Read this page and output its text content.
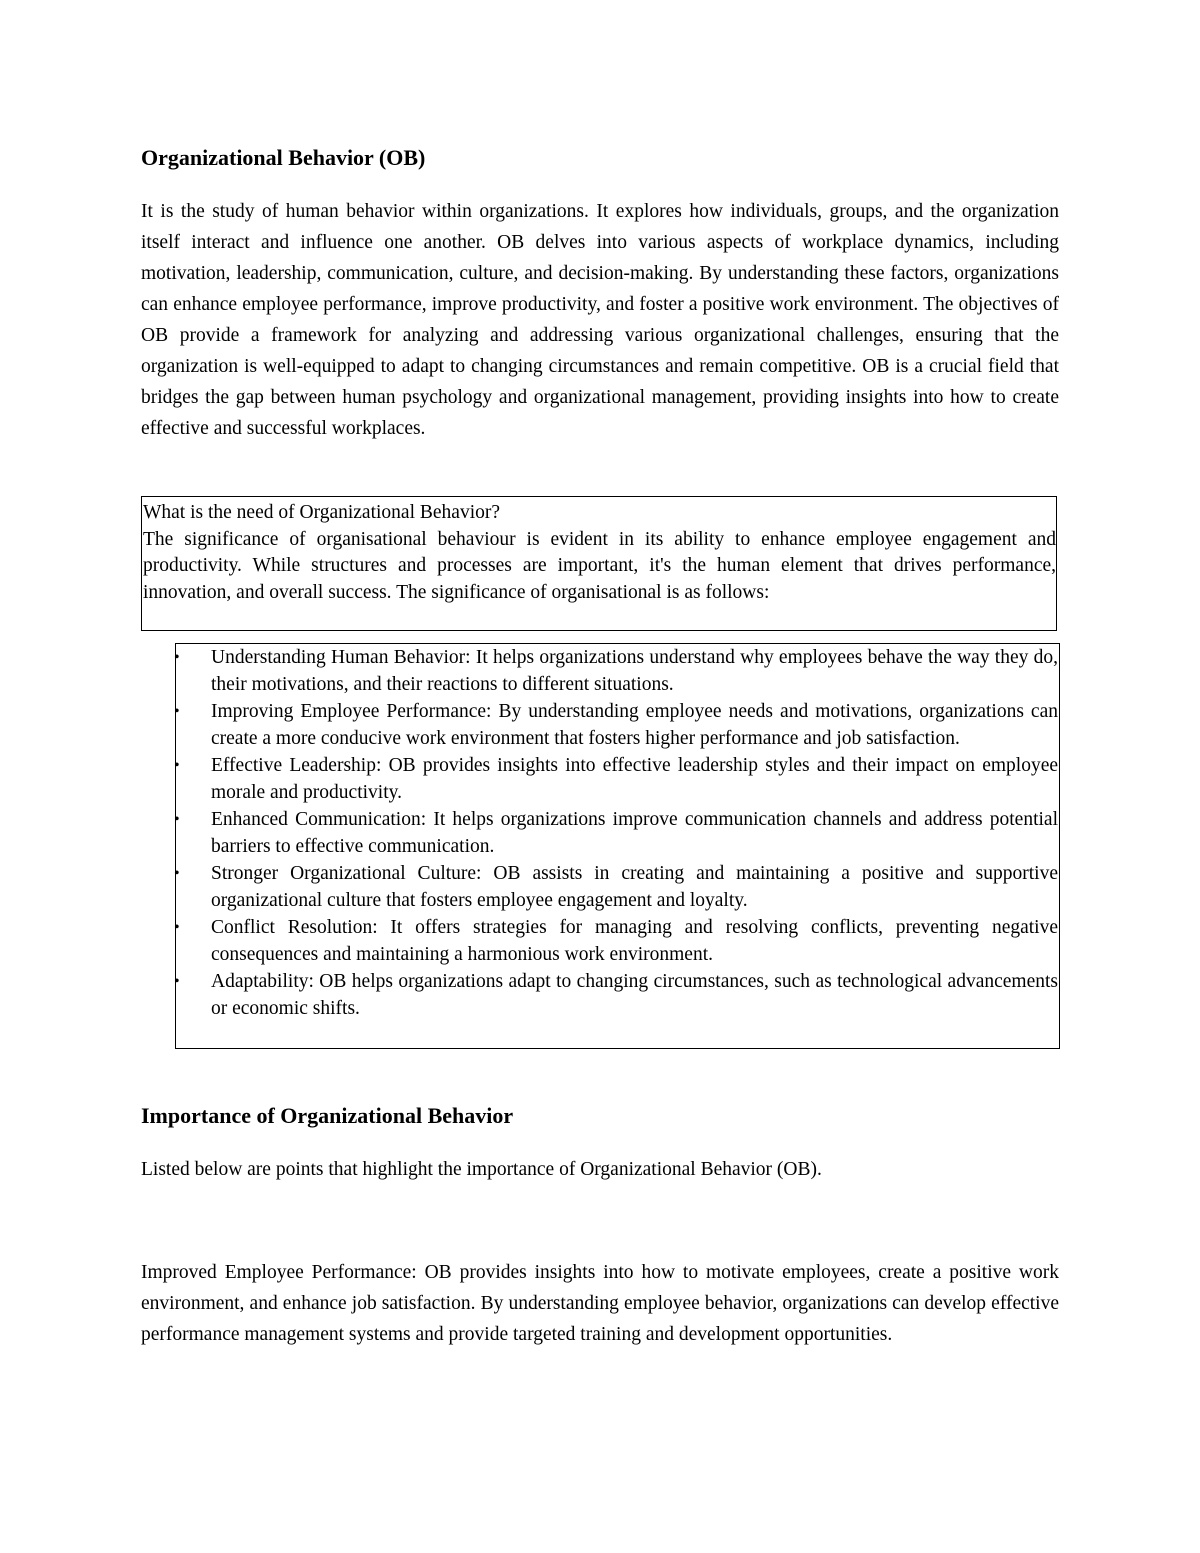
Organizational Behavior (OB)

It is the study of human behavior within organizations. It explores how individuals, groups, and the organization itself interact and influence one another. OB delves into various aspects of workplace dynamics, including motivation, leadership, communication, culture, and decision-making. By understanding these factors, organizations can enhance employee performance, improve productivity, and foster a positive work environment. The objectives of OB provide a framework for analyzing and addressing various organizational challenges, ensuring that the organization is well-equipped to adapt to changing circumstances and remain competitive. OB is a crucial field that bridges the gap between human psychology and organizational management, providing insights into how to create effective and successful workplaces.

What is the need of Organizational Behavior?

The significance of organisational behaviour is evident in its ability to enhance employee engagement and productivity. While structures and processes are important, it's the human element that drives performance, innovation, and overall success. The significance of organisational is as follows:

• Understanding Human Behavior: It helps organizations understand why employees behave the way they do, their motivations, and their reactions to different situations.
• Improving Employee Performance: By understanding employee needs and motivations, organizations can create a more conducive work environment that fosters higher performance and job satisfaction.
• Effective Leadership: OB provides insights into effective leadership styles and their impact on employee morale and productivity.
• Enhanced Communication: It helps organizations improve communication channels and address potential barriers to effective communication.
• Stronger Organizational Culture: OB assists in creating and maintaining a positive and supportive organizational culture that fosters employee engagement and loyalty.
• Conflict Resolution: It offers strategies for managing and resolving conflicts, preventing negative consequences and maintaining a harmonious work environment.
• Adaptability: OB helps organizations adapt to changing circumstances, such as technological advancements or economic shifts.
Importance of Organizational Behavior

Listed below are points that highlight the importance of Organizational Behavior (OB).

Improved Employee Performance: OB provides insights into how to motivate employees, create a positive work environment, and enhance job satisfaction. By understanding employee behavior, organizations can develop effective performance management systems and provide targeted training and development opportunities.
